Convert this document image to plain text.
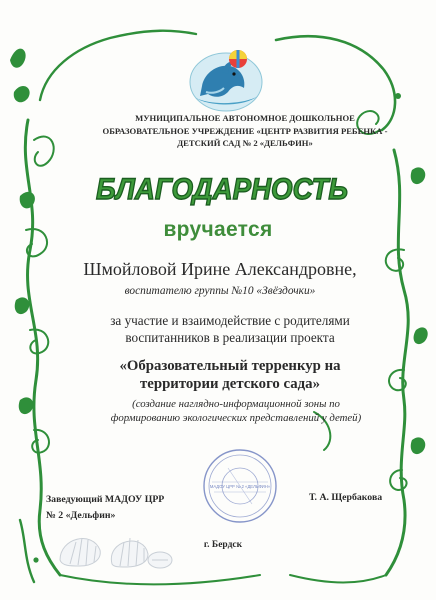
МУНИЦИПАЛЬНОЕ АВТОНОМНОЕ ДОШКОЛЬНОЕ
ОБРАЗОВАТЕЛЬНОЕ УЧРЕЖДЕНИЕ «ЦЕНТР РАЗВИТИЯ РЕБЕНКА -
ДЕТСКИЙ САД № 2 «ДЕЛЬФИН»
БЛАГОДАРНОСТЬ
вручается
Шмойловой Ирине Александровне,
воспитателю группы №10 «Звёздочки»
за участие и взаимодействие с родителями
воспитанников в реализации проекта
«Образовательный терренкур на
территории детского сада»
(создание наглядно-информационной зоны по
формированию экологических представлений у детей)
МАДОУ ЦРР № 2 «ДЕЛЬФИН»
Заведующий МАДОУ ЦРР
№ 2 «Дельфин»
Т. А. Щербакова
г. Бердск
